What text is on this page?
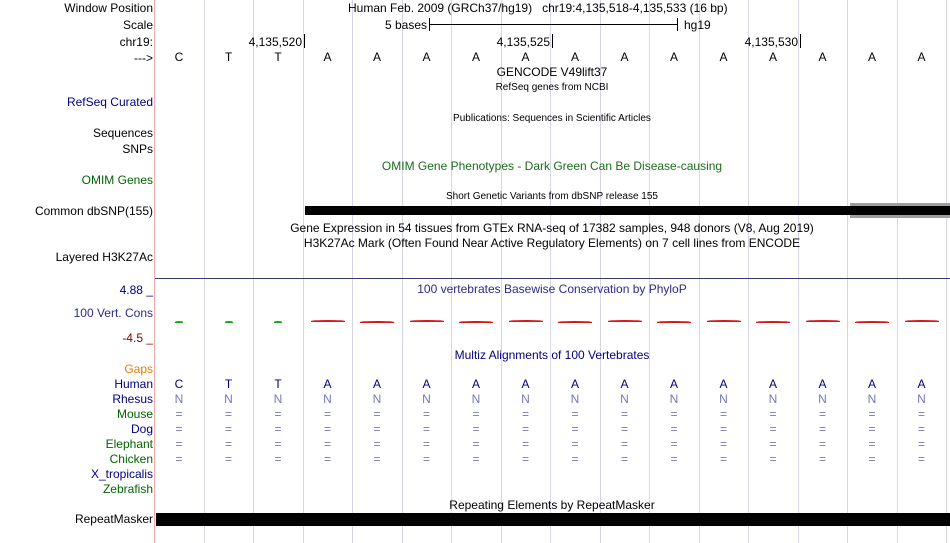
Window Position	Human Feb. 2009 (GRCh37/hg19) chr19:4,135,518-4,135,533 (16 bp)
Scale	5 bases	hg19
chr19:	4,135,520	4,135,525	4,135,530
---> C	T	T	A	A	A	A	A	A	A	A	A	A	A	A	A
GENCODE V49lift37
RefSeq genes from NCBI
RefSeq Curated
Publications: Sequences in Scientific Articles
Sequences
SNPs
OMIM Gene Phenotypes - Dark Green Can Be Disease-causing
OMIM Genes
Short Genetic Variants from dbSNP release 155
Common dbSNP(155)
Gene Expression in 54 tissues from GTEx RNA-seq of 17382 samples, 948 donors (V8, Aug 2019)
H3K27Ac Mark (Often Found Near Active Regulatory Elements) on 7 cell lines from ENCODE
Layered H3K27Ac
4.88 _	100 vertebrates Basewise Conservation by PhyloP
100 Vert. Cons
-4.5 _
Multiz Alignments of 100 Vertebrates
Gaps
Human C	T	T	A	A	A	A	A	A	A	A	A	A	A	A	A
Rhesus N	N	N	N	N	N	N	N	N	N	N	N	N	N	N	N
Mouse =	=	=	=	=	=	=	=	=	=	=	=	=	=	=	=
Dog =	=	=	=	=	=	=	=	=	=	=	=	=	=	=	=
Elephant =	=	=	=	=	=	=	=	=	=	=	=	=	=	=	=
Chicken =	=	=	=	=	=	=	=	=	=	=	=	=	=	=	=
X_tropicalis
Zebrafish
Repeating Elements by RepeatMasker
RepeatMasker
